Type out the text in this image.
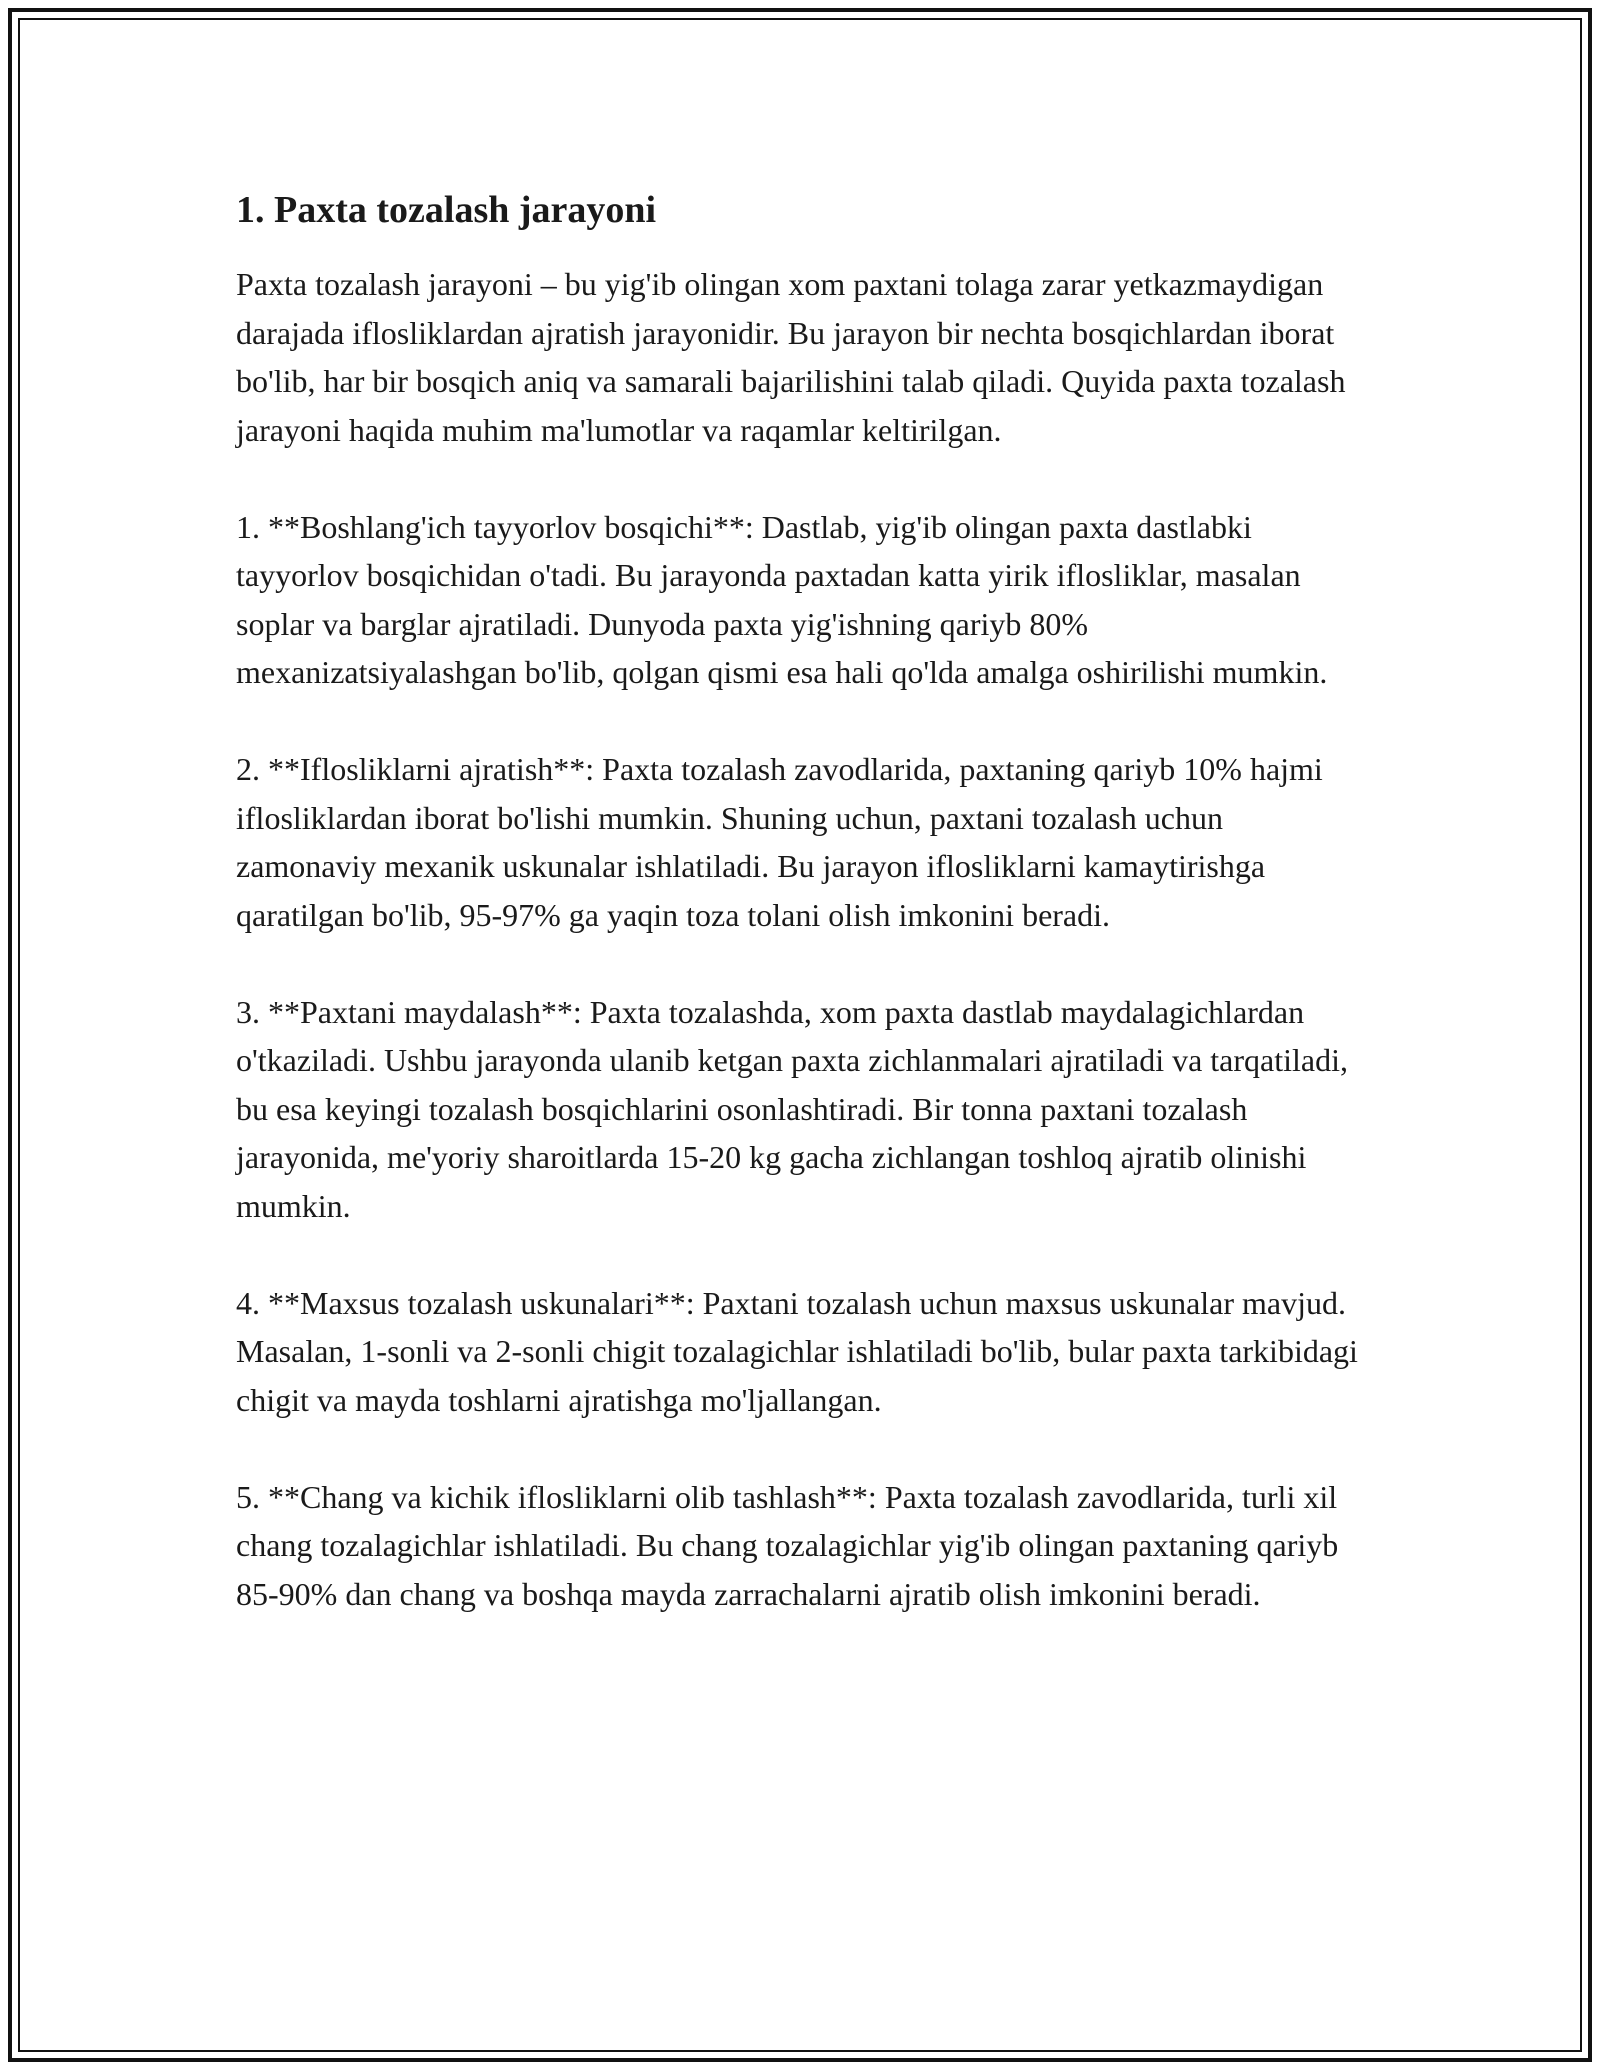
1. Paxta tozalash jarayoni

Paxta tozalash jarayoni – bu yig'ib olingan xom paxtani tolaga zarar yetkazmaydigan darajada iflosliklardan ajratish jarayonidir. Bu jarayon bir nechta bosqichlardan iborat bo'lib, har bir bosqich aniq va samarali bajarilishini talab qiladi. Quyida paxta tozalash jarayoni haqida muhim ma'lumotlar va raqamlar keltirilgan.

1. **Boshlang'ich tayyorlov bosqichi**: Dastlab, yig'ib olingan paxta dastlabki tayyorlov bosqichidan o'tadi. Bu jarayonda paxtadan katta yirik iflosliklar, masalan soplar va barglar ajratiladi. Dunyoda paxta yig'ishning qariyb 80% mexanizatsiyalashgan bo'lib, qolgan qismi esa hali qo'lda amalga oshirilishi mumkin.

2. **Iflosliklarni ajratish**: Paxta tozalash zavodlarida, paxtaning qariyb 10% hajmi iflosliklardan iborat bo'lishi mumkin. Shuning uchun, paxtani tozalash uchun zamonaviy mexanik uskunalar ishlatiladi. Bu jarayon iflosliklarni kamaytirishga qaratilgan bo'lib, 95-97% ga yaqin toza tolani olish imkonini beradi.

3. **Paxtani maydalash**: Paxta tozalashda, xom paxta dastlab maydalagichlardan o'tkaziladi. Ushbu jarayonda ulanib ketgan paxta zichlanmalari ajratiladi va tarqatiladi, bu esa keyingi tozalash bosqichlarini osonlashtiradi. Bir tonna paxtani tozalash jarayonida, me'yoriy sharoitlarda 15-20 kg gacha zichlangan toshloq ajratib olinishi mumkin.

4. **Maxsus tozalash uskunalari**: Paxtani tozalash uchun maxsus uskunalar mavjud. Masalan, 1-sonli va 2-sonli chigit tozalagichlar ishlatiladi bo'lib, bular paxta tarkibidagi chigit va mayda toshlarni ajratishga mo'ljallangan.

5. **Chang va kichik iflosliklarni olib tashlash**: Paxta tozalash zavodlarida, turli xil chang tozalagichlar ishlatiladi. Bu chang tozalagichlar yig'ib olingan paxtaning qariyb 85-90% dan chang va boshqa mayda zarrachalarni ajratib olish imkonini beradi.
